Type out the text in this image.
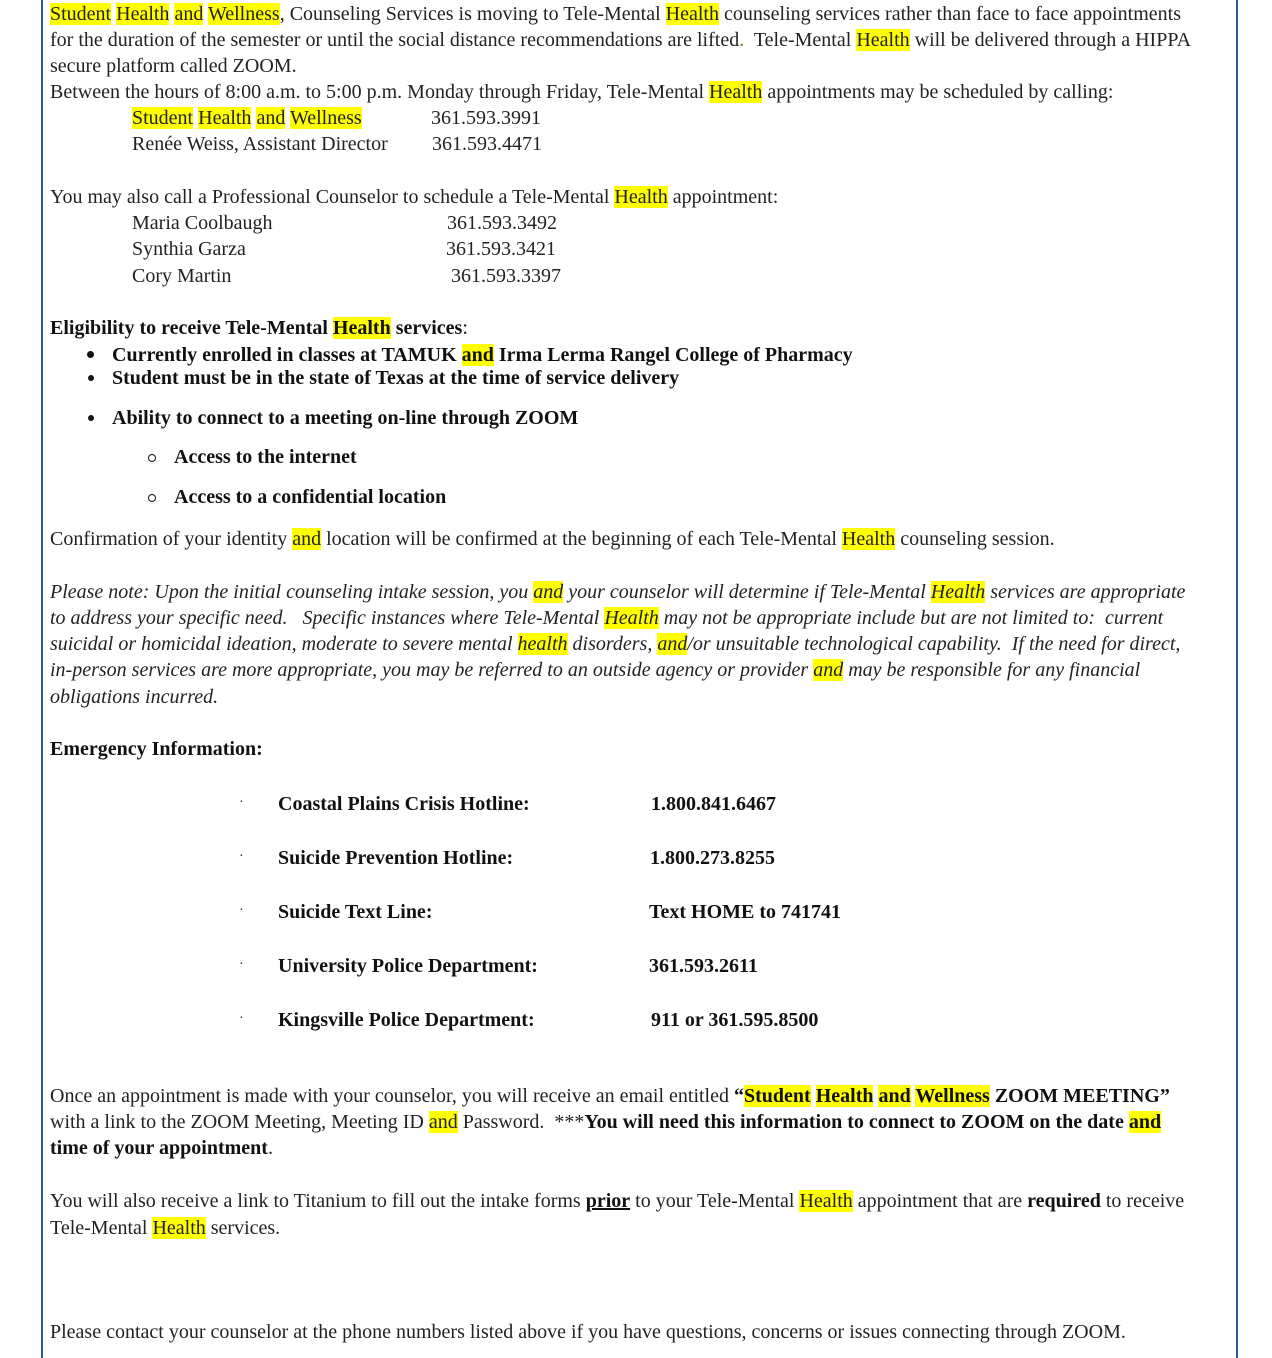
Student Health and Wellness, Counseling Services is moving to Tele-Mental Health counseling services rather than face to face appointments
for the duration of the semester or until the social distance recommendations are lifted.  Tele-Mental Health will be delivered through a HIPPA
secure platform called ZOOM.
Between the hours of 8:00 a.m. to 5:00 p.m. Monday through Friday, Tele-Mental Health appointments may be scheduled by calling:
Student Health and Wellness	361.593.3991
Renée Weiss, Assistant Director 361.593.4471
You may also call a Professional Counselor to schedule a Tele-Mental Health appointment:
Maria Coolbaugh	361.593.3492
Synthia Garza	361.593.3421
Cory Martin	361.593.3397
Eligibility to receive Tele-Mental Health services:
Currently enrolled in classes at TAMUK and Irma Lerma Rangel College of Pharmacy
Student must be in the state of Texas at the time of service delivery
Ability to connect to a meeting on-line through ZOOM
Access to the internet
Access to a confidential location
Confirmation of your identity and location will be confirmed at the beginning of each Tele-Mental Health counseling session.
Please note: Upon the initial counseling intake session, you and your counselor will determine if Tele-Mental Health services are appropriate
to address your specific need.   Specific instances where Tele-Mental Health may not be appropriate include but are not limited to:  current
suicidal or homicidal ideation, moderate to severe mental health disorders, and/or unsuitable technological capability.  If the need for direct,
in-person services are more appropriate, you may be referred to an outside agency or provider and may be responsible for any financial
obligations incurred.
Emergency Information:
· Coastal Plains Crisis Hotline:	1.800.841.6467
· Suicide Prevention Hotline:	1.800.273.8255
· Suicide Text Line:	Text HOME to 741741
· University Police Department:	361.593.2611
· Kingsville Police Department:	911 or 361.595.8500
Once an appointment is made with your counselor, you will receive an email entitled “Student Health and Wellness ZOOM MEETING”
with a link to the ZOOM Meeting, Meeting ID and Password.  ***You will need this information to connect to ZOOM on the date and
time of your appointment.
You will also receive a link to Titanium to fill out the intake forms prior to your Tele-Mental Health appointment that are required to receive
Tele-Mental Health services.
Please contact your counselor at the phone numbers listed above if you have questions, concerns or issues connecting through ZOOM.
